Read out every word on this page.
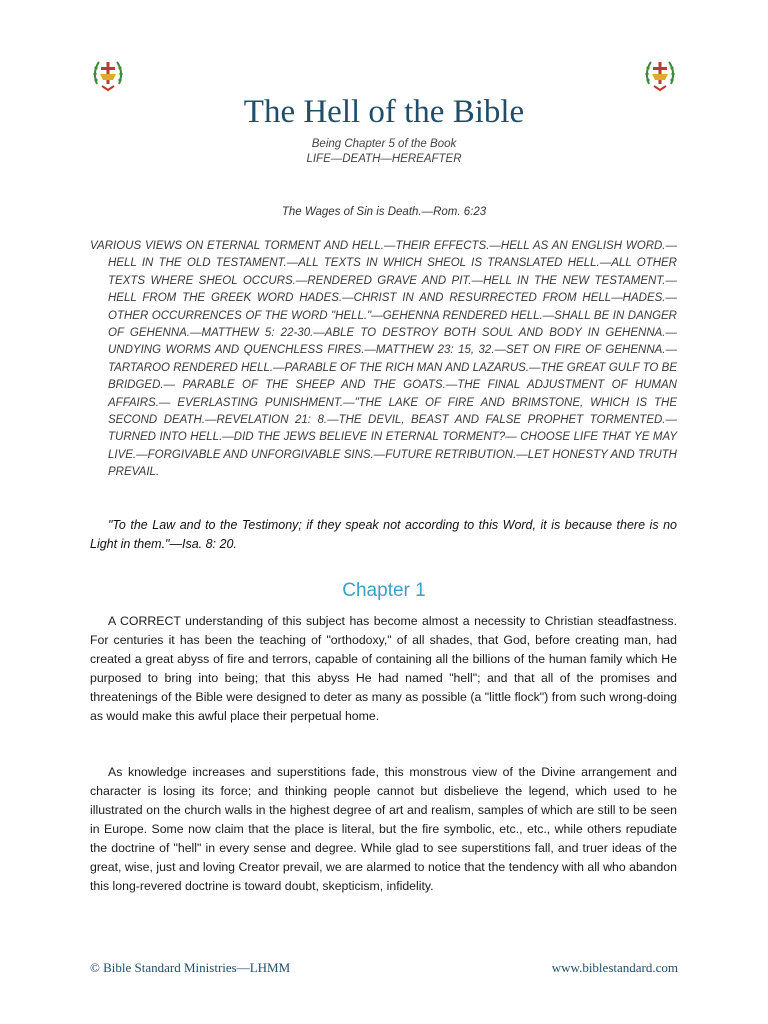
The Hell of the Bible
Being Chapter 5 of the Book
LIFE—DEATH—HEREAFTER
The Wages of Sin is Death.—Rom. 6:23
VARIOUS VIEWS ON ETERNAL TORMENT AND HELL.—THEIR EFFECTS.—HELL AS AN ENGLISH WORD.—HELL IN THE OLD TESTAMENT.—ALL TEXTS IN WHICH SHEOL IS TRANSLATED HELL.—ALL OTHER TEXTS WHERE SHEOL OCCURS.—RENDERED GRAVE AND PIT.—HELL IN THE NEW TESTAMENT.—HELL FROM THE GREEK WORD HADES.—CHRIST IN AND RESURRECTED FROM HELL—HADES.—OTHER OCCURRENCES OF THE WORD "HELL."—GEHENNA RENDERED HELL.—SHALL BE IN DANGER OF GEHENNA.—MATTHEW 5: 22-30.—ABLE TO DESTROY BOTH SOUL AND BODY IN GEHENNA.—UNDYING WORMS AND QUENCHLESS FIRES.—MATTHEW 23: 15, 32.—SET ON FIRE OF GEHENNA.—TARTAROO RENDERED HELL.—PARABLE OF THE RICH MAN AND LAZARUS.—THE GREAT GULF TO BE BRIDGED.— PARABLE OF THE SHEEP AND THE GOATS.—THE FINAL ADJUSTMENT OF HUMAN AFFAIRS.— EVERLASTING PUNISHMENT.—"THE LAKE OF FIRE AND BRIMSTONE, WHICH IS THE SECOND DEATH.—REVELATION 21: 8.—THE DEVIL, BEAST AND FALSE PROPHET TORMENTED.—TURNED INTO HELL.—DID THE JEWS BELIEVE IN ETERNAL TORMENT?— CHOOSE LIFE THAT YE MAY LIVE.—FORGIVABLE AND UNFORGIVABLE SINS.—FUTURE RETRIBUTION.—LET HONESTY AND TRUTH PREVAIL.
"To the Law and to the Testimony; if they speak not according to this Word, it is because there is no Light in them."—Isa. 8: 20.
Chapter 1
A CORRECT understanding of this subject has become almost a necessity to Christian steadfastness. For centuries it has been the teaching of "orthodoxy," of all shades, that God, before creating man, had created a great abyss of fire and terrors, capable of containing all the billions of the human family which He purposed to bring into being; that this abyss He had named "hell"; and that all of the promises and threatenings of the Bible were designed to deter as many as possible (a "little flock") from such wrong-doing as would make this awful place their perpetual home.
As knowledge increases and superstitions fade, this monstrous view of the Divine arrangement and character is losing its force; and thinking people cannot but disbelieve the legend, which used to he illustrated on the church walls in the highest degree of art and realism, samples of which are still to be seen in Europe. Some now claim that the place is literal, but the fire symbolic, etc., etc., while others repudiate the doctrine of "hell" in every sense and degree. While glad to see superstitions fall, and truer ideas of the great, wise, just and loving Creator prevail, we are alarmed to notice that the tendency with all who abandon this long-revered doctrine is toward doubt, skepticism, infidelity.
© Bible Standard Ministries—LHMM	www.biblestandard.com
